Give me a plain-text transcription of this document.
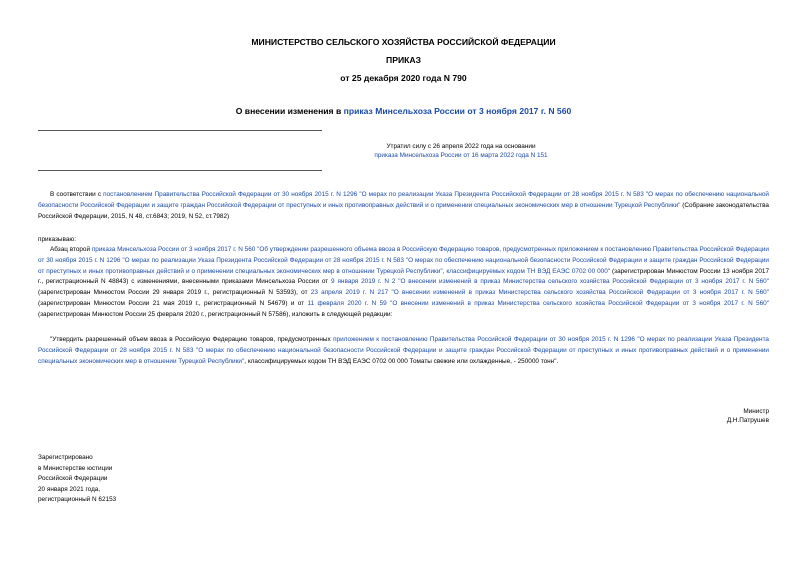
МИНИСТЕРСТВО СЕЛЬСКОГО ХОЗЯЙСТВА РОССИЙСКОЙ ФЕДЕРАЦИИ
ПРИКАЗ
от 25 декабря 2020 года N 790
О внесении изменения в приказ Минсельхоза России от 3 ноября 2017 г. N 560
Утратил силу с 26 апреля 2022 года на основании
приказа Минсельхоза России от 16 марта 2022 года N 151
В соответствии с постановлением Правительства Российской Федерации от 30 ноября 2015 г. N 1296 "О мерах по реализации Указа Президента Российской Федерации от 28 ноября 2015 г. N 583 "О мерах по обеспечению национальной безопасности Российской Федерации и защите граждан Российской Федерации от преступных и иных противоправных действий и о применении специальных экономических мер в отношении Турецкой Республики" (Собрание законодательства Российской Федерации, 2015, N 48, ст.6843; 2019, N 52, ст.7982)
приказываю:
Абзац второй приказа Минсельхоза России от 3 ноября 2017 г. N 560 "Об утверждении разрешенного объема ввоза в Российскую Федерацию товаров, предусмотренных приложением к постановлению Правительства Российской Федерации от 30 ноября 2015 г. N 1296 "О мерах по реализации Указа Президента Российской Федерации от 28 ноября 2015 г. N 583 "О мерах по обеспечению национальной безопасности Российской Федерации и защите граждан Российской Федерации от преступных и иных противоправных действий и о применении специальных экономических мер в отношении Турецкой Республики", классифицируемых кодом ТН ВЭД ЕАЭС 0702 00 000" (зарегистрирован Минюстом России 13 ноября 2017 г., регистрационный N 48843) с изменениями, внесенными приказами Минсельхоза России от 9 января 2019 г. N 2 "О внесении изменений в приказ Министерства сельского хозяйства Российской Федерации от 3 ноября 2017 г. N 560" (зарегистрирован Минюстом России 29 января 2019 г., регистрационный N 53593), от 23 апреля 2019 г. N 217 "О внесении изменений в приказ Министерства сельского хозяйства Российской Федерации от 3 ноября 2017 г. N 560" (зарегистрирован Минюстом России 21 мая 2019 г., регистрационный N 54679) и от 11 февраля 2020 г. N 59 "О внесении изменений в приказ Министерства сельского хозяйства Российской Федерации от 3 ноября 2017 г. N 560" (зарегистрирован Минюстом России 25 февраля 2020 г., регистрационный N 57586), изложить в следующей редакции:
"Утвердить разрешенный объем ввоза в Российскую Федерацию товаров, предусмотренных приложением к постановлению Правительства Российской Федерации от 30 ноября 2015 г. N 1296 "О мерах по реализации Указа Президента Российской Федерации от 28 ноября 2015 г. N 583 "О мерах по обеспечению национальной безопасности Российской Федерации и защите граждан Российской Федерации от преступных и иных противоправных действий и о применении специальных экономических мер в отношении Турецкой Республики", классифицируемых кодом ТН ВЭД ЕАЭС 0702 00 000 Томаты свежие или охлажденные, - 250000 тонн".
Министр
Д.Н.Патрушев
Зарегистрировано
в Министерстве юстиции
Российской Федерации
20 января 2021 года,
регистрационный N 62153
